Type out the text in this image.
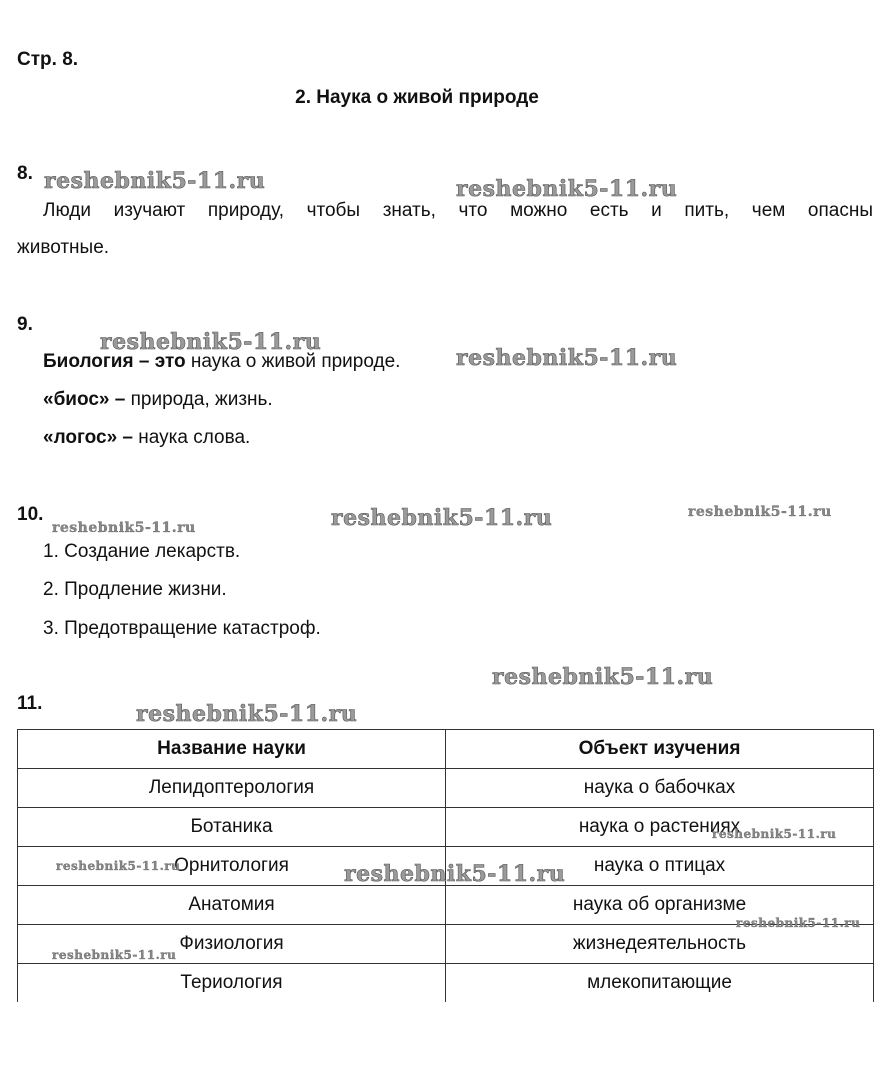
Стр. 8.
2. Наука о живой природе
8.
Люди изучают природу, чтобы знать, что можно есть и пить, чем опасны
животные.
9.
Биология – это наука о живой природе.
«биос» – природа, жизнь.
«логос» – наука слова.
10.
1. Создание лекарств.
2. Продление жизни.
3. Предотвращение катастроф.
11.
Название науки	Объект изучения
Лепидоптерология	наука о бабочках
Ботаника	наука о растениях
Орнитология	наука о птицах
Анатомия	наука об организме
Физиология	жизнедеятельность
Териология	млекопитающие
reshebnik5-11.ru	reshebnik5-11.ru
reshebnik5-11.ru
reshebnik5-11.ru
reshebnik5-11.ru	reshebnik5-11.ru	reshebnik5-11.ru
reshebnik5-11.ru
reshebnik5-11.ru
reshebnik5-11.ru
reshebnik5-11.ru	reshebnik5-11.ru
reshebnik5-11.ru
reshebnik5-11.ru
